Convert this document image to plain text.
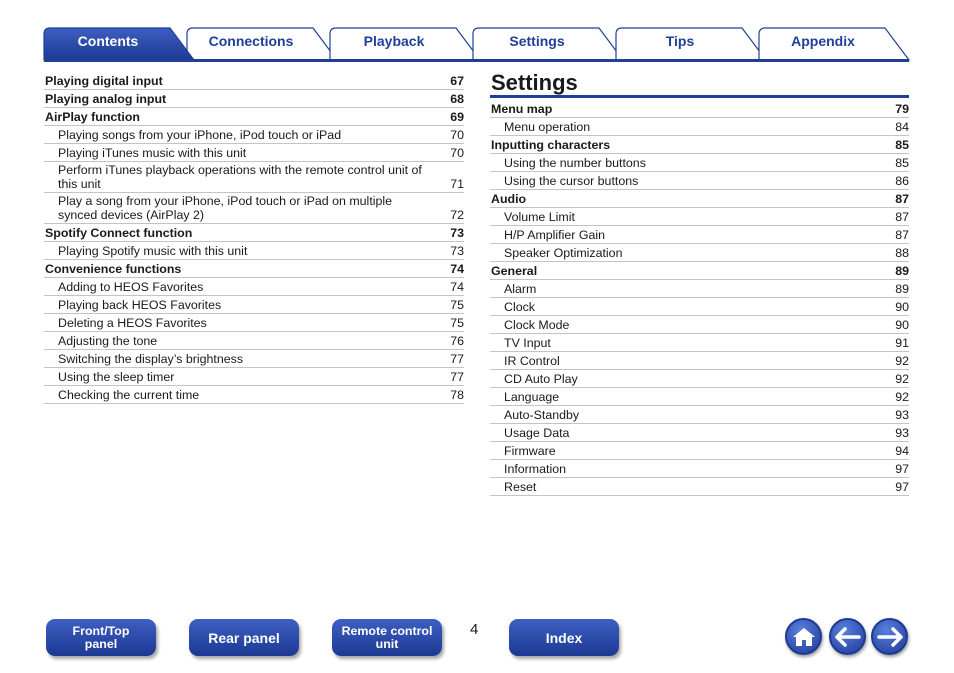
Contents	Connections	Playback	Settings	Tips	Appendix
Playing digital input	67
Playing analog input	68
AirPlay function	69
Playing songs from your iPhone, iPod touch or iPad	70
Playing iTunes music with this unit	70
Perform iTunes playback operations with the remote control unit of this unit	71
Play a song from your iPhone, iPod touch or iPad on multiple synced devices (AirPlay 2)	72
Spotify Connect function	73
Playing Spotify music with this unit	73
Convenience functions	74
Adding to HEOS Favorites	74
Playing back HEOS Favorites	75
Deleting a HEOS Favorites	75
Adjusting the tone	76
Switching the display’s brightness	77
Using the sleep timer	77
Checking the current time	78
Settings
Menu map	79
Menu operation	84
Inputting characters	85
Using the number buttons	85
Using the cursor buttons	86
Audio	87
Volume Limit	87
H/P Amplifier Gain	87
Speaker Optimization	88
General	89
Alarm	89
Clock	90
Clock Mode	90
TV Input	91
IR Control	92
CD Auto Play	92
Language	92
Auto-Standby	93
Usage Data	93
Firmware	94
Information	97
Reset	97
Front/Top
panel	Rear panel	Remote control
unit
4	Index
